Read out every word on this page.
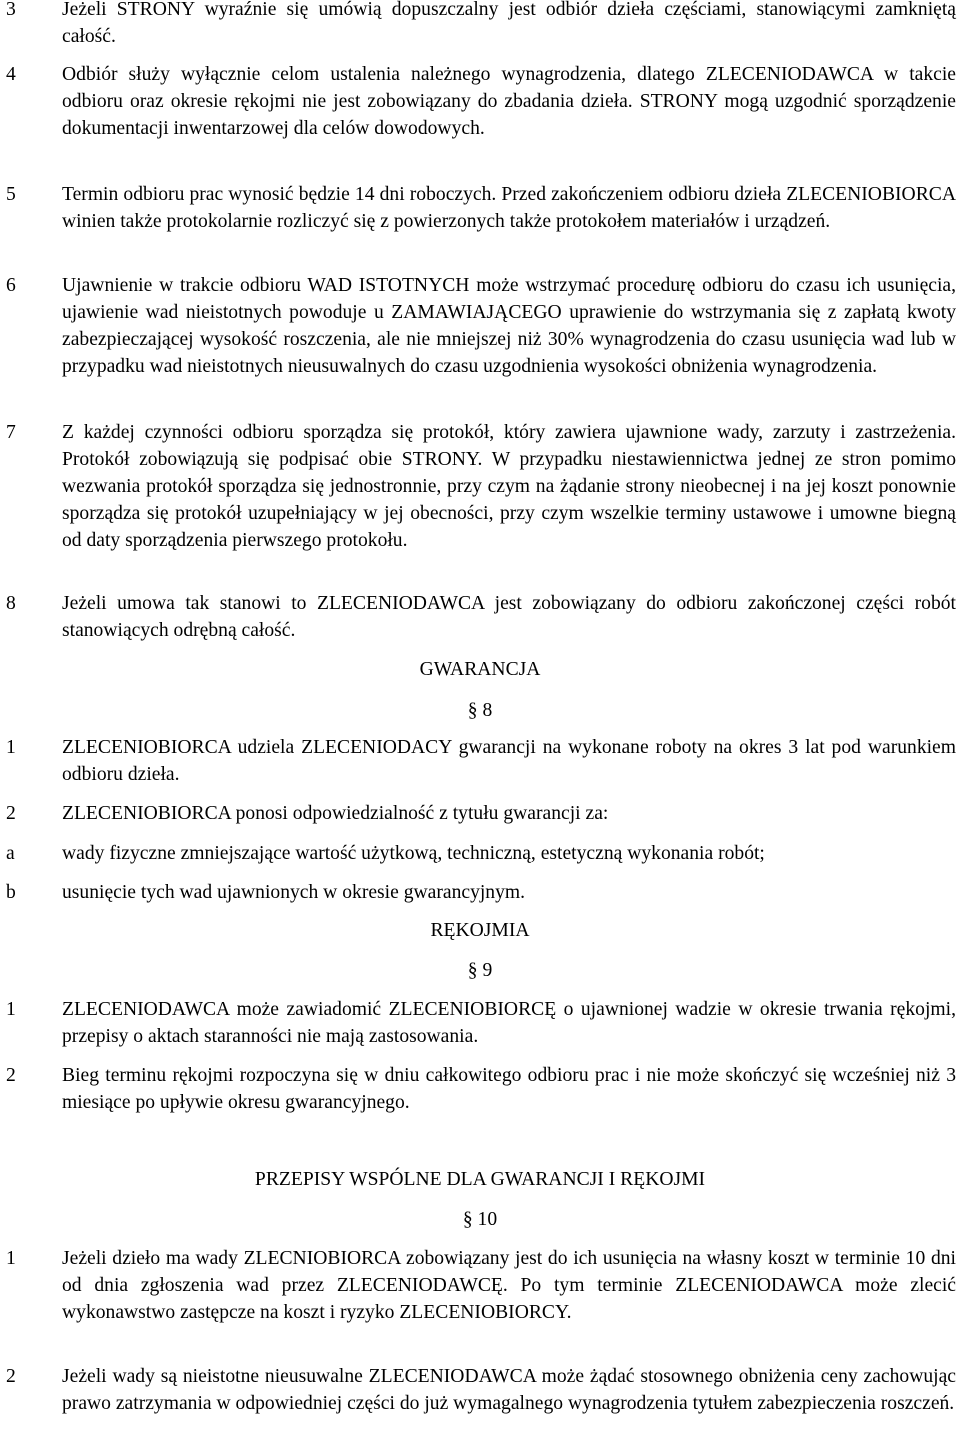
3	Jeżeli STRONY wyraźnie się umówią dopuszczalny jest odbiór dzieła częściami, stanowiącymi zamkniętą całość.
4	Odbiór służy wyłącznie celom ustalenia należnego wynagrodzenia, dlatego ZLECENIODAWCA w takcie odbioru oraz okresie rękojmi nie jest zobowiązany do zbadania dzieła. STRONY mogą uzgodnić sporządzenie dokumentacji inwentarzowej dla celów dowodowych.
5	Termin odbioru prac wynosić będzie 14 dni roboczych. Przed zakończeniem odbioru dzieła ZLECENIOBIORCA winien także protokolarnie rozliczyć się z powierzonych także protokołem materiałów i urządzeń.
6	Ujawnienie w trakcie odbioru WAD ISTOTNYCH może wstrzymać procedurę odbioru do czasu ich usunięcia, ujawienie wad nieistotnych powoduje u ZAMAWIAJĄCEGO uprawienie do wstrzymania się z zapłatą kwoty zabezpieczającej wysokość roszczenia, ale nie mniejszej niż 30% wynagrodzenia do czasu usunięcia wad lub w przypadku wad nieistotnych nieusuwalnych do czasu uzgodnienia wysokości obniżenia wynagrodzenia.
7	Z każdej czynności odbioru sporządza się protokół, który zawiera ujawnione wady, zarzuty i zastrzeżenia. Protokół zobowiązują się podpisać obie STRONY. W przypadku niestawiennictwa jednej ze stron pomimo wezwania protokół sporządza się jednostronnie, przy czym na żądanie strony nieobecnej i na jej koszt ponownie sporządza się protokół uzupełniający w jej obecności, przy czym wszelkie terminy ustawowe i umowne biegną od daty sporządzenia pierwszego protokołu.
8	Jeżeli umowa tak stanowi to ZLECENIODAWCA jest zobowiązany do odbioru zakończonej części robót stanowiących odrębną całość.
GWARANCJA
§ 8
1	ZLECENIOBIORCA udziela ZLECENIODACY gwarancji na wykonane roboty na okres 3 lat pod warunkiem odbioru dzieła.
2	ZLECENIOBIORCA ponosi odpowiedzialność z tytułu gwarancji za:
a	wady fizyczne zmniejszające wartość użytkową, techniczną, estetyczną wykonania robót;
b	usunięcie tych wad ujawnionych w okresie gwarancyjnym.
RĘKOJMIA
§ 9
1	ZLECENIODAWCA może zawiadomić ZLECENIOBIORCĘ o ujawnionej wadzie w okresie trwania rękojmi, przepisy o aktach staranności nie mają zastosowania.
2	Bieg terminu rękojmi rozpoczyna się w dniu całkowitego odbioru prac i nie może skończyć się wcześniej niż 3 miesiące po upływie okresu gwarancyjnego.
PRZEPISY WSPÓLNE DLA GWARANCJI I RĘKOJMI
§ 10
1	Jeżeli dzieło ma wady ZLECNIOBIORCA zobowiązany jest do ich usunięcia na własny koszt w terminie 10 dni od dnia zgłoszenia wad przez ZLECENIODAWCĘ. Po tym terminie ZLECENIODAWCA może zlecić wykonawstwo zastępcze na koszt i ryzyko ZLECENIOBIORCY.
2	Jeżeli wady są nieistotne nieusuwalne ZLECENIODAWCA może żądać stosownego obniżenia ceny zachowując prawo zatrzymania w odpowiedniej części do już wymagalnego wynagrodzenia tytułem zabezpieczenia roszczeń.
